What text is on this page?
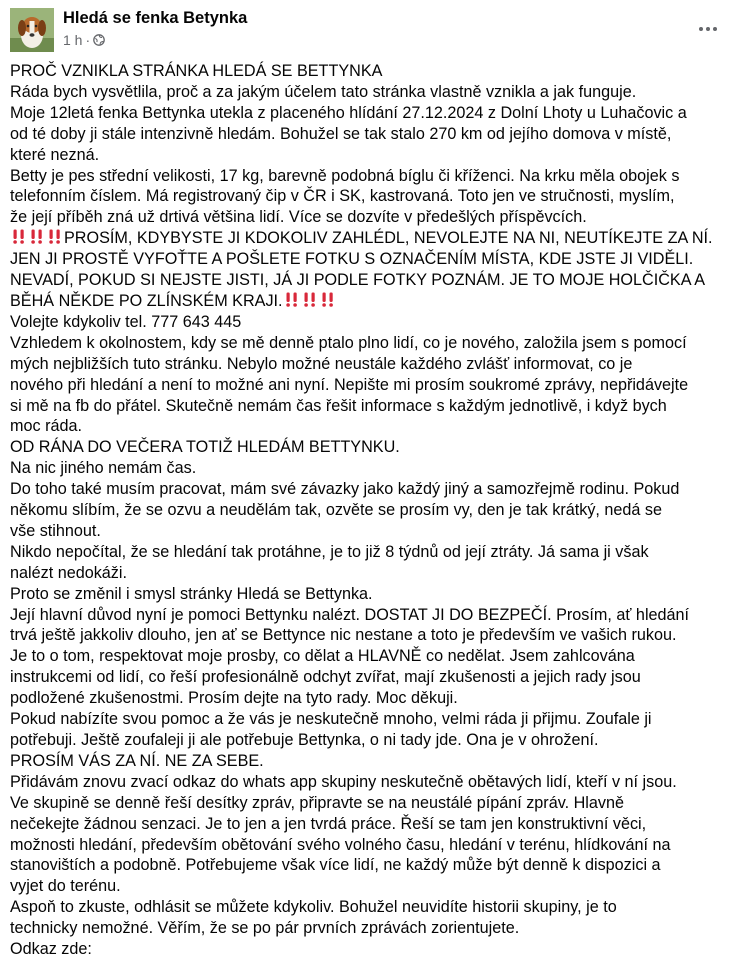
Hledá se fenka Betynka
1 h ·

PROČ VZNIKLA STRÁNKA HLEDÁ SE BETTYNKA

Ráda bych vysvětlila, proč a za jakým účelem tato stránka vlastně vznikla a jak funguje.

Moje 12letá fenka Bettynka utekla z placeného hlídání 27.12.2024 z Dolní Lhoty u Luhačovic a

od té doby ji stále intenzivně hledám. Bohužel se tak stalo 270 km od jejího domova v místě,

které nezná.

Betty je pes střední velikosti, 17 kg, barevně podobná bíglu či kříženci. Na krku měla obojek s

telefonním číslem. Má registrovaný čip v ČR i SK, kastrovaná. Toto jen ve stručnosti, myslím,

že její příběh zná už drtivá většina lidí. Více se dozvíte v předešlých příspěvcích.

PROSÍM, KDYBYSTE JI KDOKOLIV ZAHLÉDL, NEVOLEJTE NA NI, NEUTÍKEJTE ZA NÍ.

JEN JI PROSTĚ VYFOŤTE A POŠLETE FOTKU S OZNAČENÍM MÍSTA, KDE JSTE JI VIDĚLI.

NEVADÍ, POKUD SI NEJSTE JISTI, JÁ JI PODLE FOTKY POZNÁM. JE TO MOJE HOLČIČKA A

BĚHÁ NĚKDE PO ZLÍNSKÉM KRAJI.

Volejte kdykoliv tel. 777 643 445

Vzhledem k okolnostem, kdy se mě denně ptalo plno lidí, co je nového, založila jsem s pomocí

mých nejbližších tuto stránku. Nebylo možné neustále každého zvlášť informovat, co je

nového při hledání a není to možné ani nyní. Nepište mi prosím soukromé zprávy, nepřidávejte

si mě na fb do přátel. Skutečně nemám čas řešit informace s každým jednotlivě, i když bych

moc ráda.

OD RÁNA DO VEČERA TOTIŽ HLEDÁM BETTYNKU.

Na nic jiného nemám čas.

Do toho také musím pracovat, mám své závazky jako každý jiný a samozřejmě rodinu. Pokud

někomu slíbím, že se ozvu a neudělám tak, ozvěte se prosím vy, den je tak krátký, nedá se

vše stihnout.

Nikdo nepočítal, že se hledání tak protáhne, je to již 8 týdnů od její ztráty. Já sama ji však

nalézt nedokáži.

Proto se změnil i smysl stránky Hledá se Bettynka.

Její hlavní důvod nyní je pomoci Bettynku nalézt. DOSTAT JI DO BEZPEČÍ. Prosím, ať hledání

trvá ještě jakkoliv dlouho, jen ať se Bettynce nic nestane a toto je především ve vašich rukou.

Je to o tom, respektovat moje prosby, co dělat a HLAVNĚ co nedělat. Jsem zahlcována

instrukcemi od lidí, co řeší profesionálně odchyt zvířat, mají zkušenosti a jejich rady jsou

podložené zkušenostmi. Prosím dejte na tyto rady. Moc děkuji.

Pokud nabízíte svou pomoc a že vás je neskutečně mnoho, velmi ráda ji přijmu. Zoufale ji

potřebuji. Ještě zoufaleji ji ale potřebuje Bettynka, o ni tady jde. Ona je v ohrožení.

PROSÍM VÁS ZA NÍ. NE ZA SEBE.

Přidávám znovu zvací odkaz do whats app skupiny neskutečně obětavých lidí, kteří v ní jsou.

Ve skupině se denně řeší desítky zpráv, připravte se na neustálé pípání zpráv. Hlavně

nečekejte žádnou senzaci. Je to jen a jen tvrdá práce. Řeší se tam jen konstruktivní věci,

možnosti hledání, především obětování svého volného času, hledání v terénu, hlídkování na

stanovištích a podobně. Potřebujeme však více lidí, ne každý může být denně k dispozici a

vyjet do terénu.

Aspoň to zkuste, odhlásit se můžete kdykoliv. Bohužel neuvidíte historii skupiny, je to

technicky nemožné. Věřím, že se po pár prvních zprávách zorientujete.

Odkaz zde:
